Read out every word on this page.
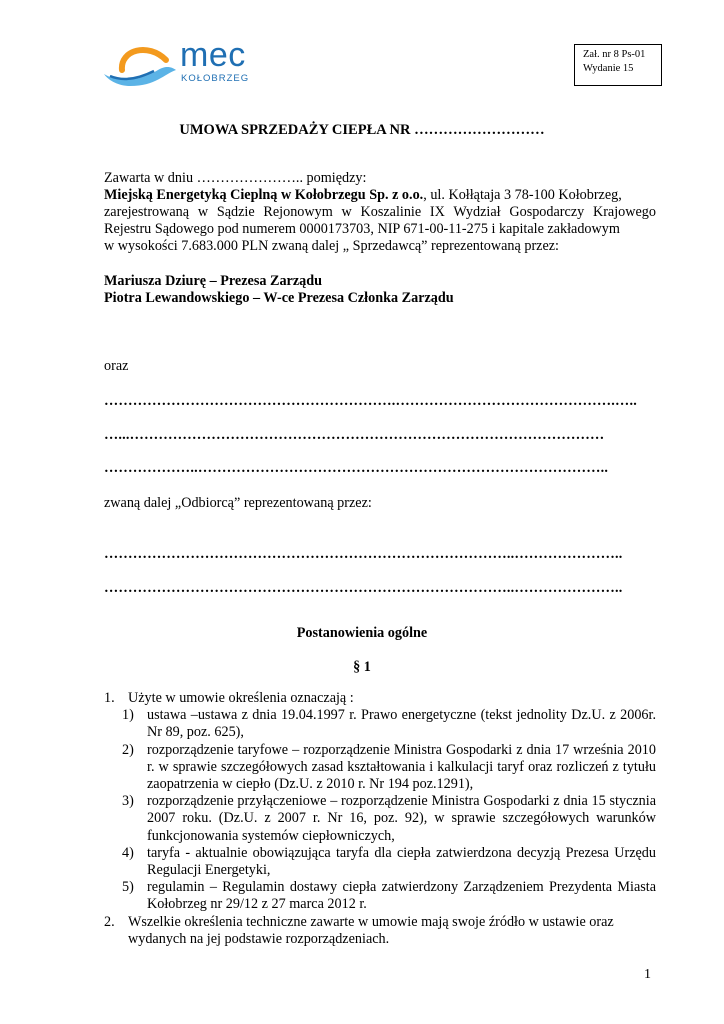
mec
KOŁOBRZEG
Zał. nr 8 Ps-01
Wydanie 15
UMOWA SPRZEDAŻY CIEPŁA NR ………………………
Zawarta w dniu ………………….. pomiędzy:
Miejską Energetyką Cieplną w Kołobrzegu Sp. z o.o., ul. Kołłątaja 3 78-100 Kołobrzeg,
zarejestrowaną w Sądzie Rejonowym w Koszalinie IX Wydział Gospodarczy Krajowego
Rejestru Sądowego pod numerem 0000173703, NIP 671-00-11-275 i kapitale zakładowym
w wysokości 7.683.000 PLN zwaną dalej „ Sprzedawcą” reprezentowaną przez:
Mariusza Dziurę – Prezesa Zarządu
Piotra Lewandowskiego – W-ce Prezesa Członka Zarządu
oraz
…………………………………………………….……………………………………….…..
…...………………………………………………………………………………………
………………..…………………………………………………………………………..
zwaną dalej „Odbiorcą” reprezentowaną przez:
…………………………………………………………………………..…………………..
…………………………………………………………………………..…………………..
Postanowienia ogólne
§ 1
1. Użyte w umowie określenia oznaczają :
1) ustawa –ustawa z dnia 19.04.1997 r. Prawo energetyczne (tekst jednolity Dz.U. z 2006r. Nr 89, poz. 625),
2) rozporządzenie taryfowe – rozporządzenie Ministra Gospodarki z dnia 17 września 2010 r. w sprawie szczegółowych zasad kształtowania i kalkulacji taryf oraz rozliczeń z tytułu zaopatrzenia w ciepło (Dz.U. z 2010 r. Nr 194 poz.1291),
3) rozporządzenie przyłączeniowe – rozporządzenie Ministra Gospodarki z dnia 15 stycznia 2007 roku. (Dz.U. z 2007 r. Nr 16, poz. 92), w sprawie szczegółowych warunków funkcjonowania systemów ciepłowniczych,
4) taryfa - aktualnie obowiązująca taryfa dla ciepła zatwierdzona decyzją Prezesa Urzędu Regulacji Energetyki,
5) regulamin – Regulamin dostawy ciepła zatwierdzony Zarządzeniem Prezydenta Miasta Kołobrzeg nr 29/12 z 27 marca 2012 r.
2. Wszelkie określenia techniczne zawarte w umowie mają swoje źródło w ustawie oraz wydanych na jej podstawie rozporządzeniach.
1
